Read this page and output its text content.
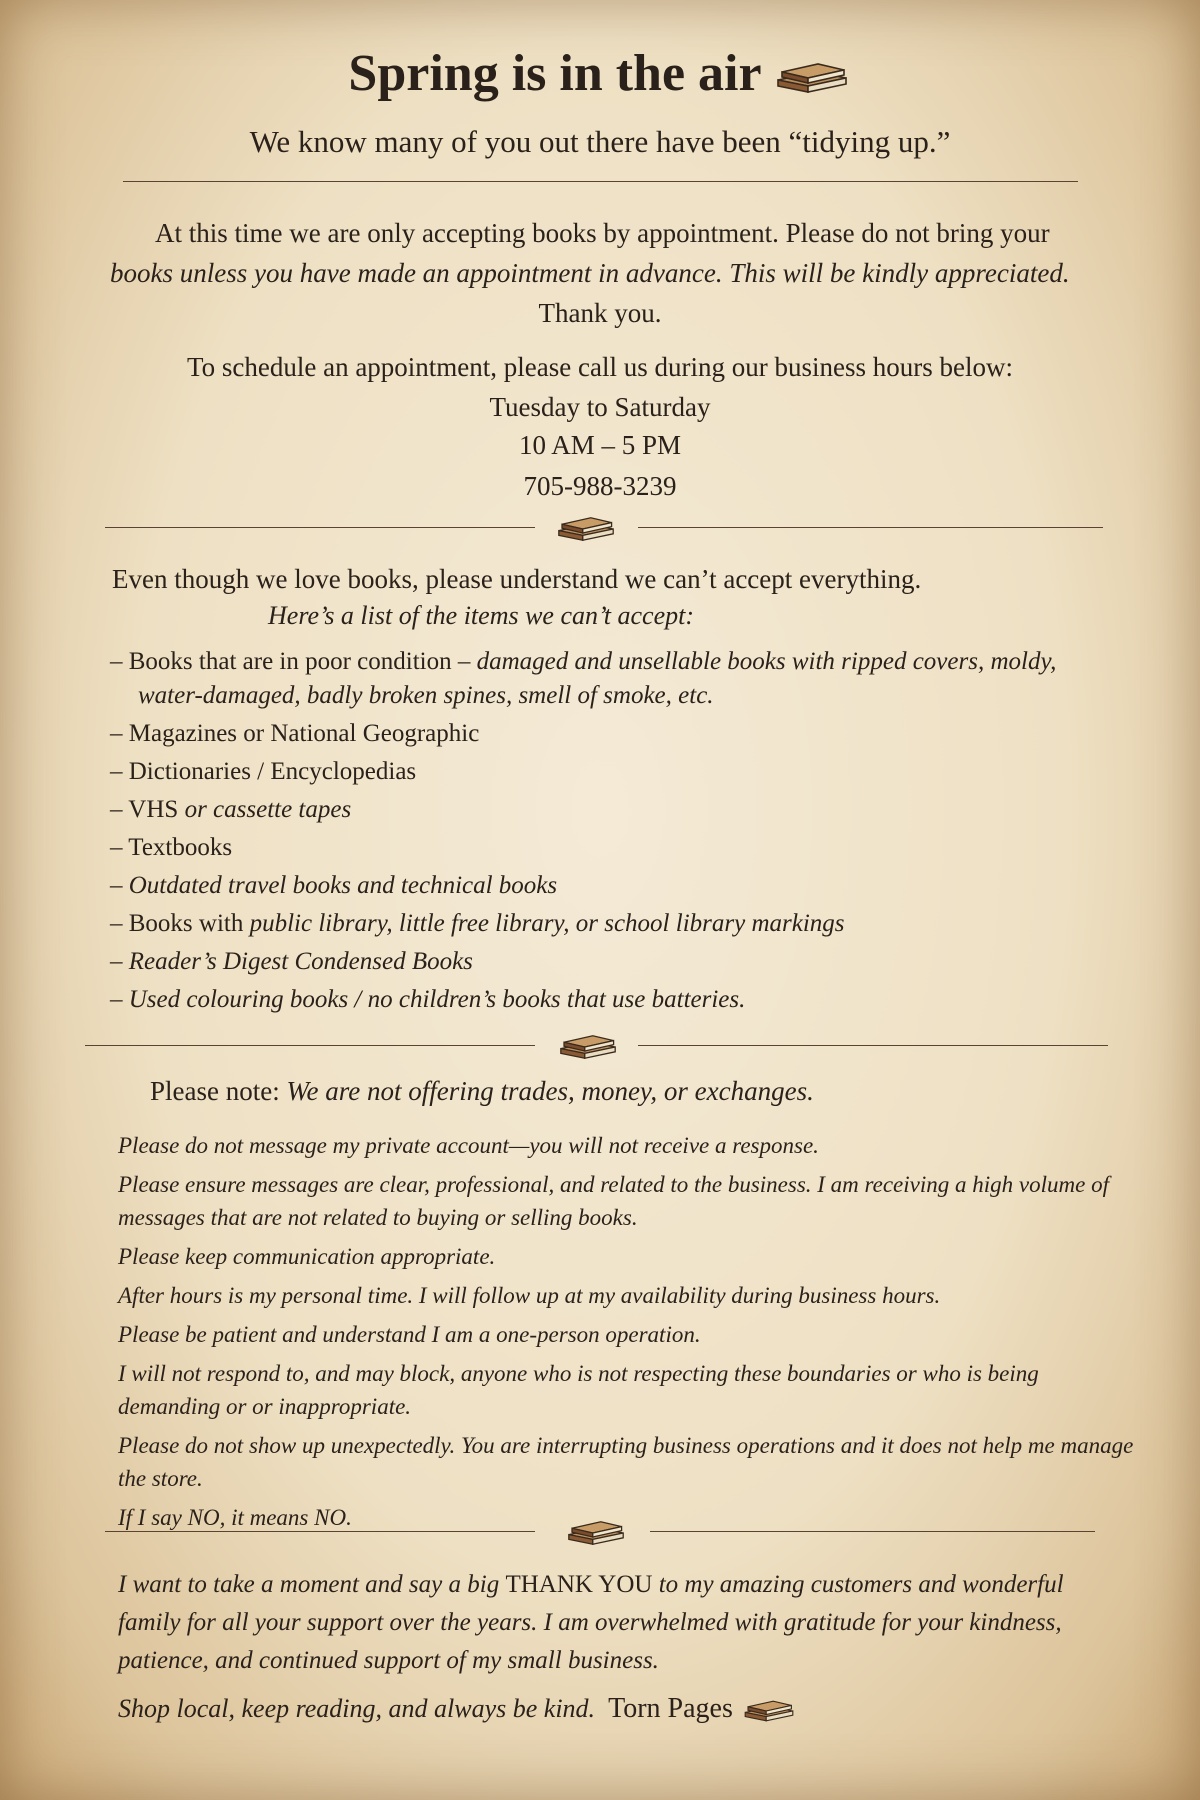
Spring is in the air
We know many of you out there have been “tidying up.”
At this time we are only accepting books by appointment. Please do not bring your
books unless you have made an appointment in advance. This will be kindly appreciated.
Thank you.
To schedule an appointment, please call us during our business hours below:
Tuesday to Saturday
10 AM – 5 PM
705-988-3239
Even though we love books, please understand we can’t accept everything.
Here’s a list of the items we can’t accept:
– Books that are in poor condition – damaged and unsellable books with ripped covers, moldy, water-damaged, badly broken spines, smell of smoke, etc.
– Magazines or National Geographic
– Dictionaries / Encyclopedias
– VHS or cassette tapes
– Textbooks
– Outdated travel books and technical books
– Books with public library, little free library, or school library markings
– Reader’s Digest Condensed Books
– Used colouring books / no children’s books that use batteries.
Please note: We are not offering trades, money, or exchanges.
Please do not message my private account—you will not receive a response.
Please ensure messages are clear, professional, and related to the business. I am receiving a high volume of messages that are not related to buying or selling books.
Please keep communication appropriate.
After hours is my personal time. I will follow up at my availability during business hours.
Please be patient and understand I am a one-person operation.
I will not respond to, and may block, anyone who is not respecting these boundaries or who is being demanding or or inappropriate.
Please do not show up unexpectedly. You are interrupting business operations and it does not help me manage the store.
If I say NO, it means NO.
I want to take a moment and say a big THANK YOU to my amazing customers and wonderful family for all your support over the years. I am overwhelmed with gratitude for your kindness, patience, and continued support of my small business.
Shop local, keep reading, and always be kind. Torn Pages
